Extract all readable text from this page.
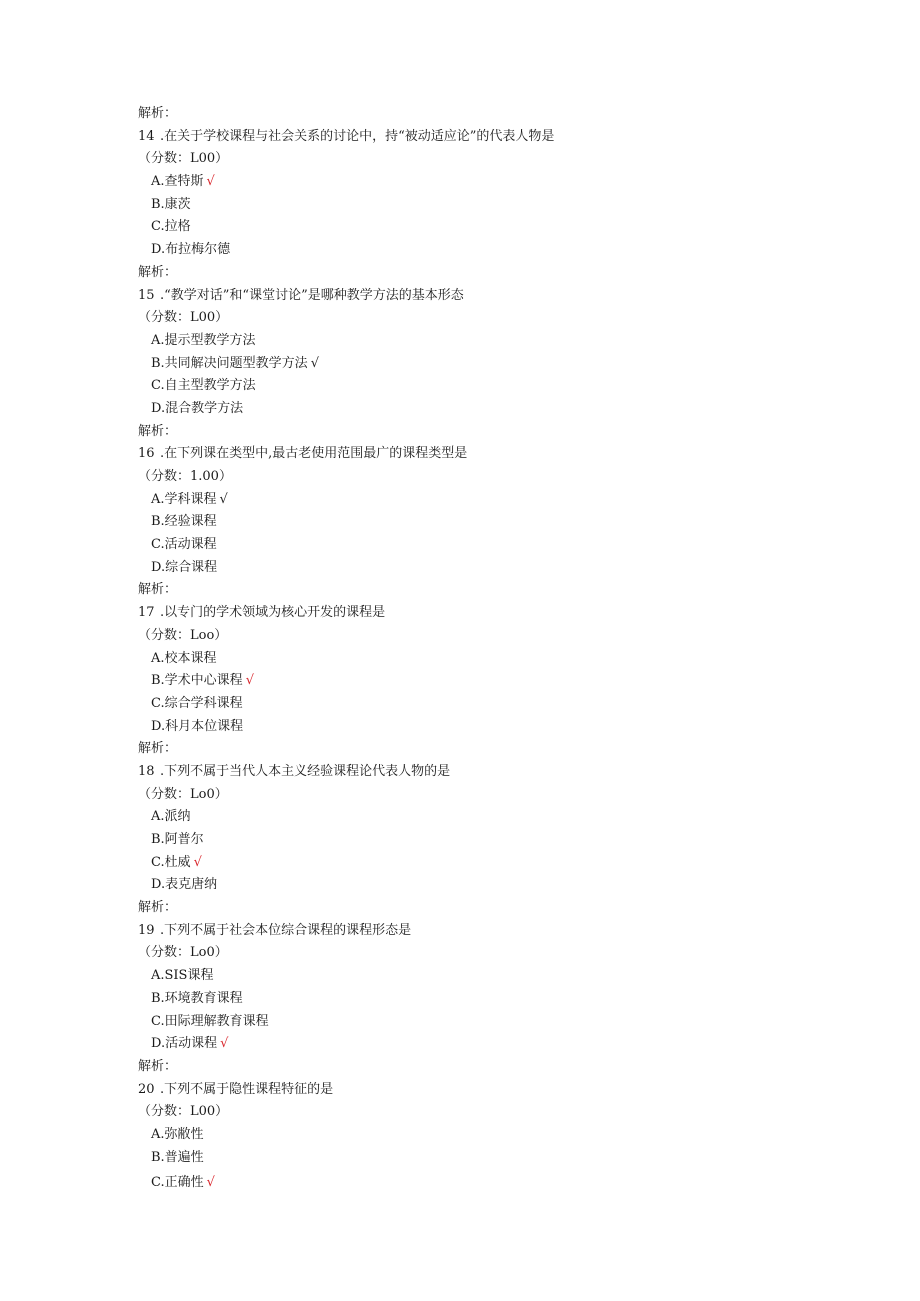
解析：
14 .在关于学校课程与社会关系的讨论中，持“被动适应论”的代表人物是
（分数：L00）
A.查特斯 √
B.康茨
C.拉格
D.布拉梅尔德
解析：
15 .“教学对话”和“课堂讨论”是哪种教学方法的基本形态
（分数：L00）
A.提示型教学方法
B.共同解决问题型教学方法 √
C.自主型教学方法
D.混合教学方法
解析：
16 .在下列课在类型中,最古老使用范围最广的课程类型是
（分数：1.00）
A.学科课程 √
B.经验课程
C.活动课程
D.综合课程
解析：
17 .以专门的学术领域为核心开发的课程是
（分数：Loo）
A.校本课程
B.学术中心课程 √
C.综合学科课程
D.科月本位课程
解析：
18 .下列不属于当代人本主义经验课程论代表人物的是
（分数：Lo0）
A.派纳
B.阿普尔
C.杜威 √
D.表克唐纳
解析：
19 .下列不属于社会本位综合课程的课程形态是
（分数：Lo0）
A.SIS课程
B.环境教育课程
C.田际理解教育课程
D.活动课程 √
解析：
20 .下列不属于隐性课程特征的是
（分数：L00）
A.弥敝性
B.普遍性
C.正确性 √
